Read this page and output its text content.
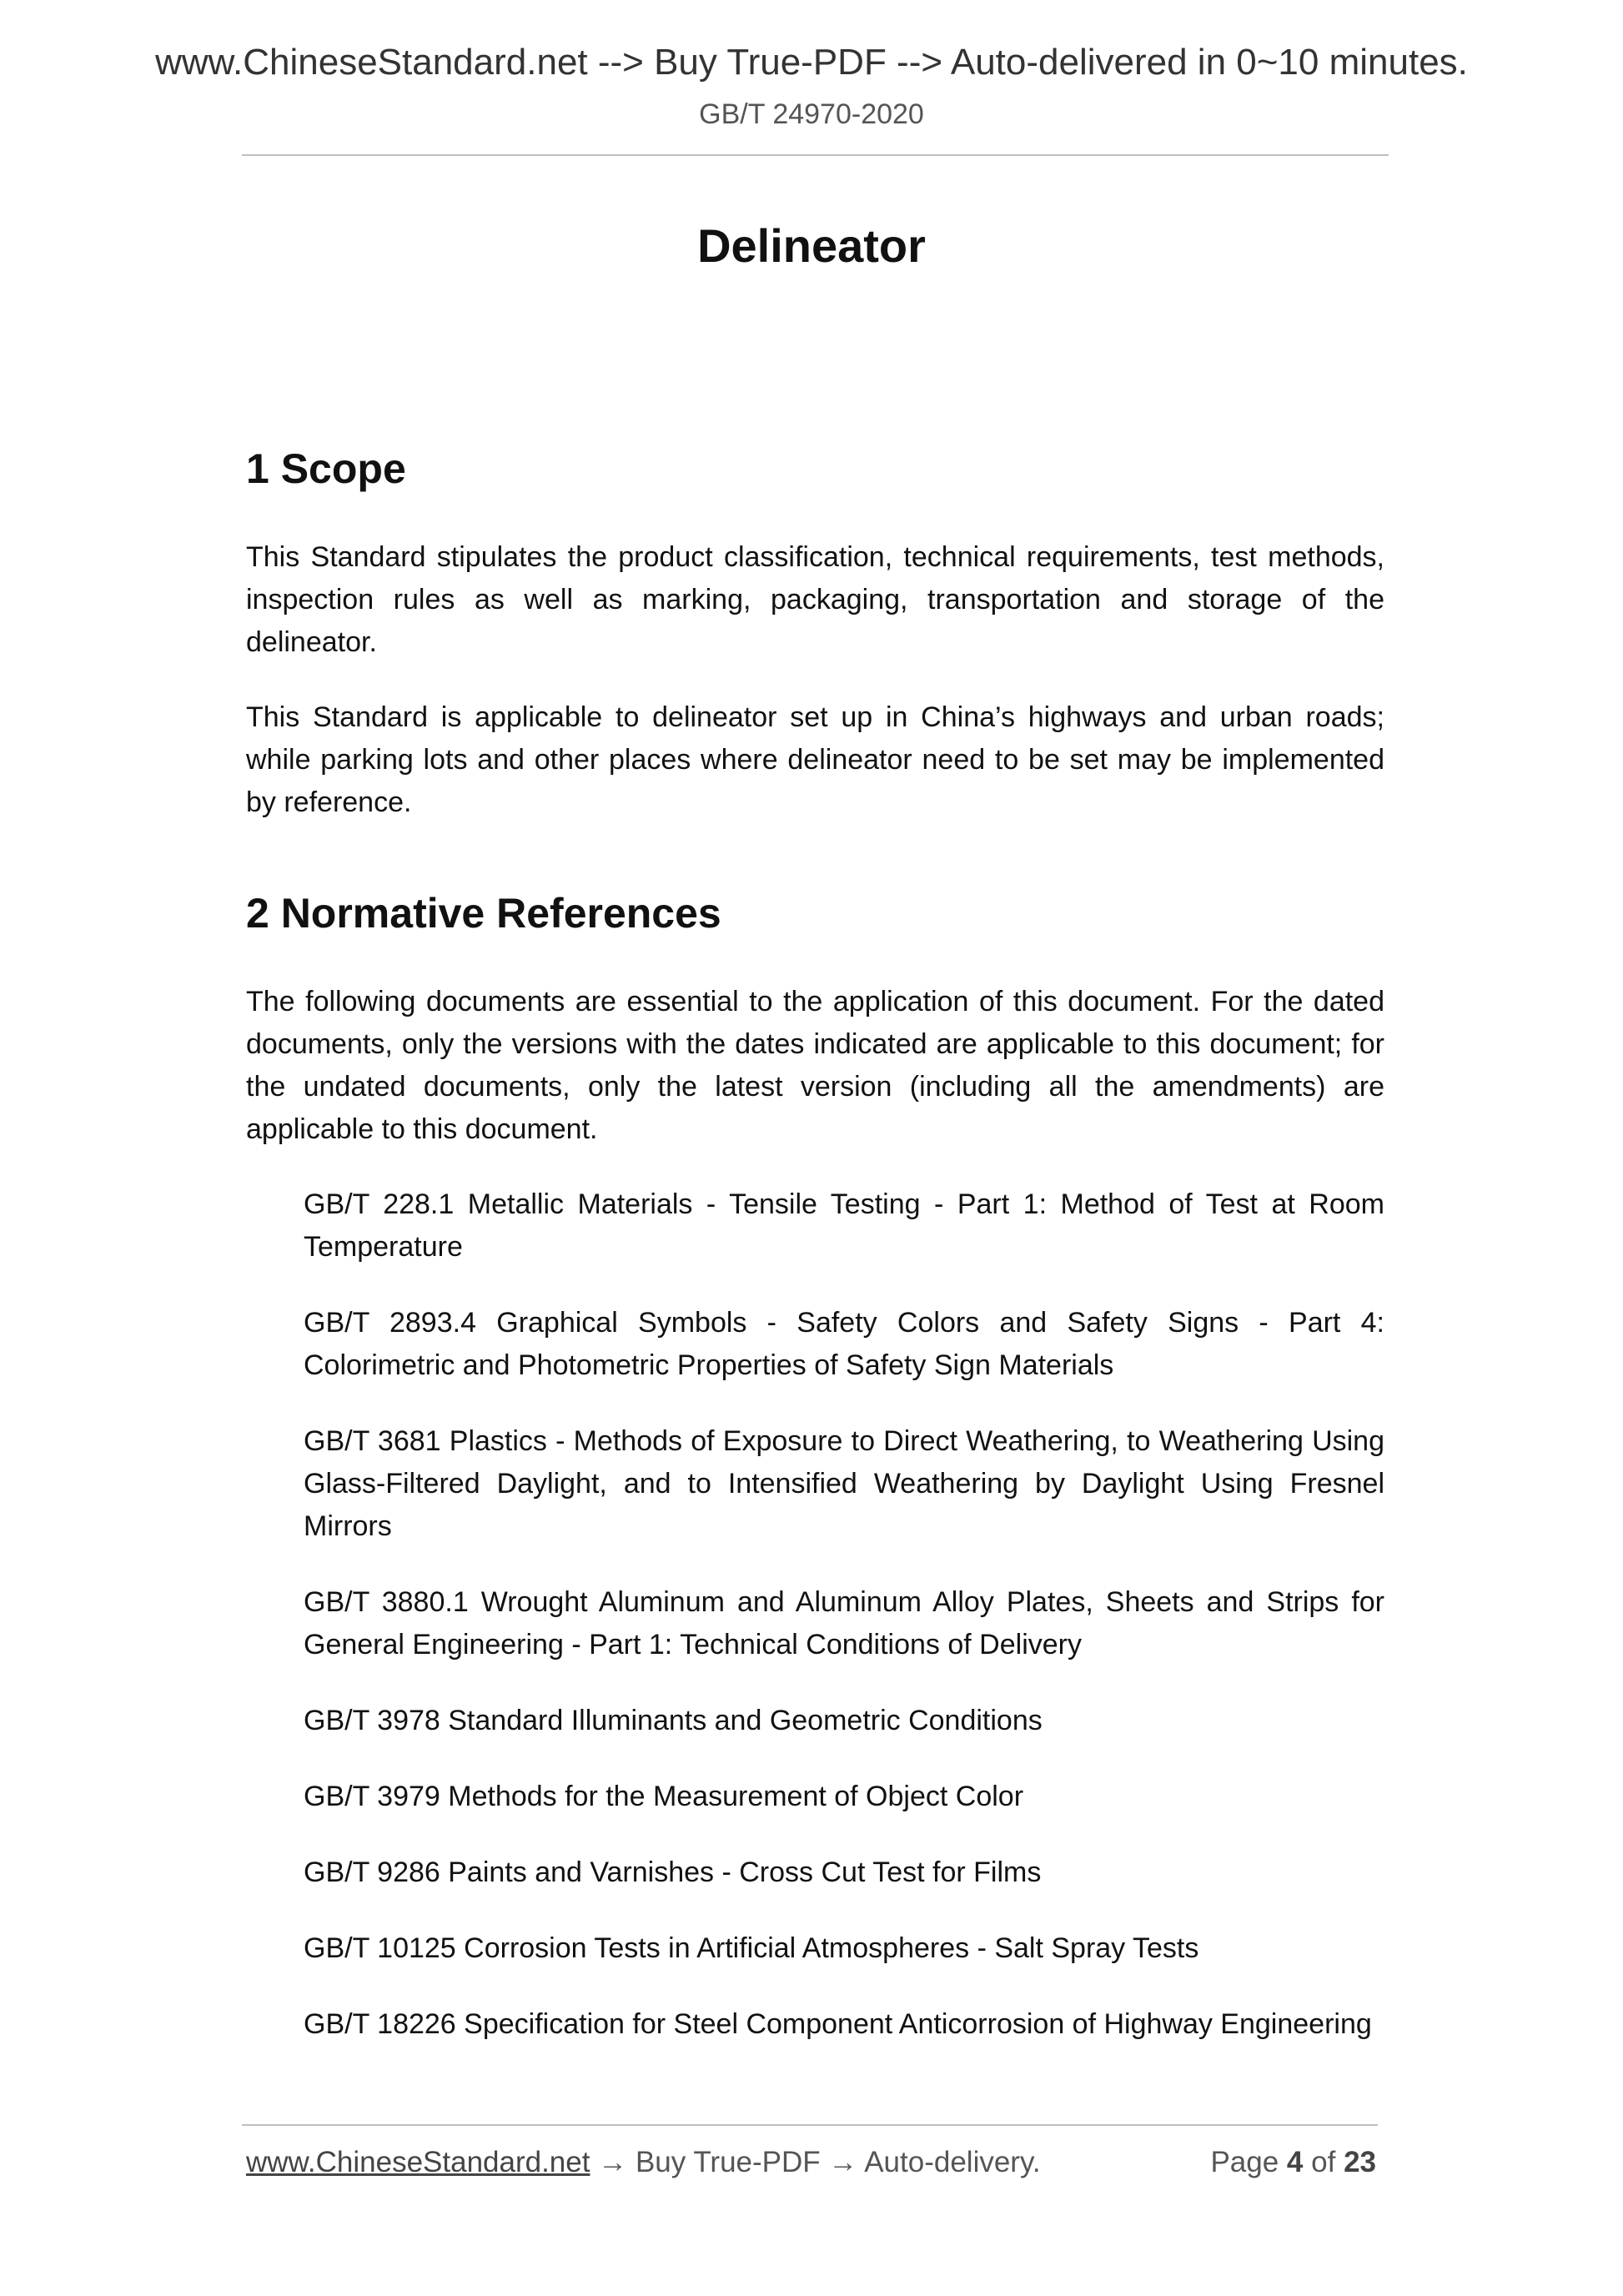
www.ChineseStandard.net --> Buy True-PDF --> Auto-delivered in 0~10 minutes.
GB/T 24970-2020
Delineator
1 Scope

This Standard stipulates the product classification, technical requirements, test methods, inspection rules as well as marking, packaging, transportation and storage of the delineator.

This Standard is applicable to delineator set up in China’s highways and urban roads; while parking lots and other places where delineator need to be set may be implemented by reference.

2 Normative References

The following documents are essential to the application of this document. For the dated documents, only the versions with the dates indicated are applicable to this document; for the undated documents, only the latest version (including all the amendments) are applicable to this document.

GB/T 228.1 Metallic Materials - Tensile Testing - Part 1: Method of Test at Room Temperature
GB/T 2893.4 Graphical Symbols - Safety Colors and Safety Signs - Part 4: Colorimetric and Photometric Properties of Safety Sign Materials
GB/T 3681 Plastics - Methods of Exposure to Direct Weathering, to Weathering Using Glass-Filtered Daylight, and to Intensified Weathering by Daylight Using Fresnel Mirrors
GB/T 3880.1 Wrought Aluminum and Aluminum Alloy Plates, Sheets and Strips for General Engineering - Part 1: Technical Conditions of Delivery
GB/T 3978 Standard Illuminants and Geometric Conditions
GB/T 3979 Methods for the Measurement of Object Color
GB/T 9286 Paints and Varnishes - Cross Cut Test for Films
GB/T 10125 Corrosion Tests in Artificial Atmospheres - Salt Spray Tests
GB/T 18226 Specification for Steel Component Anticorrosion of Highway Engineering
www.ChineseStandard.net → Buy True-PDF → Auto-delivery.	Page 4 of 23
